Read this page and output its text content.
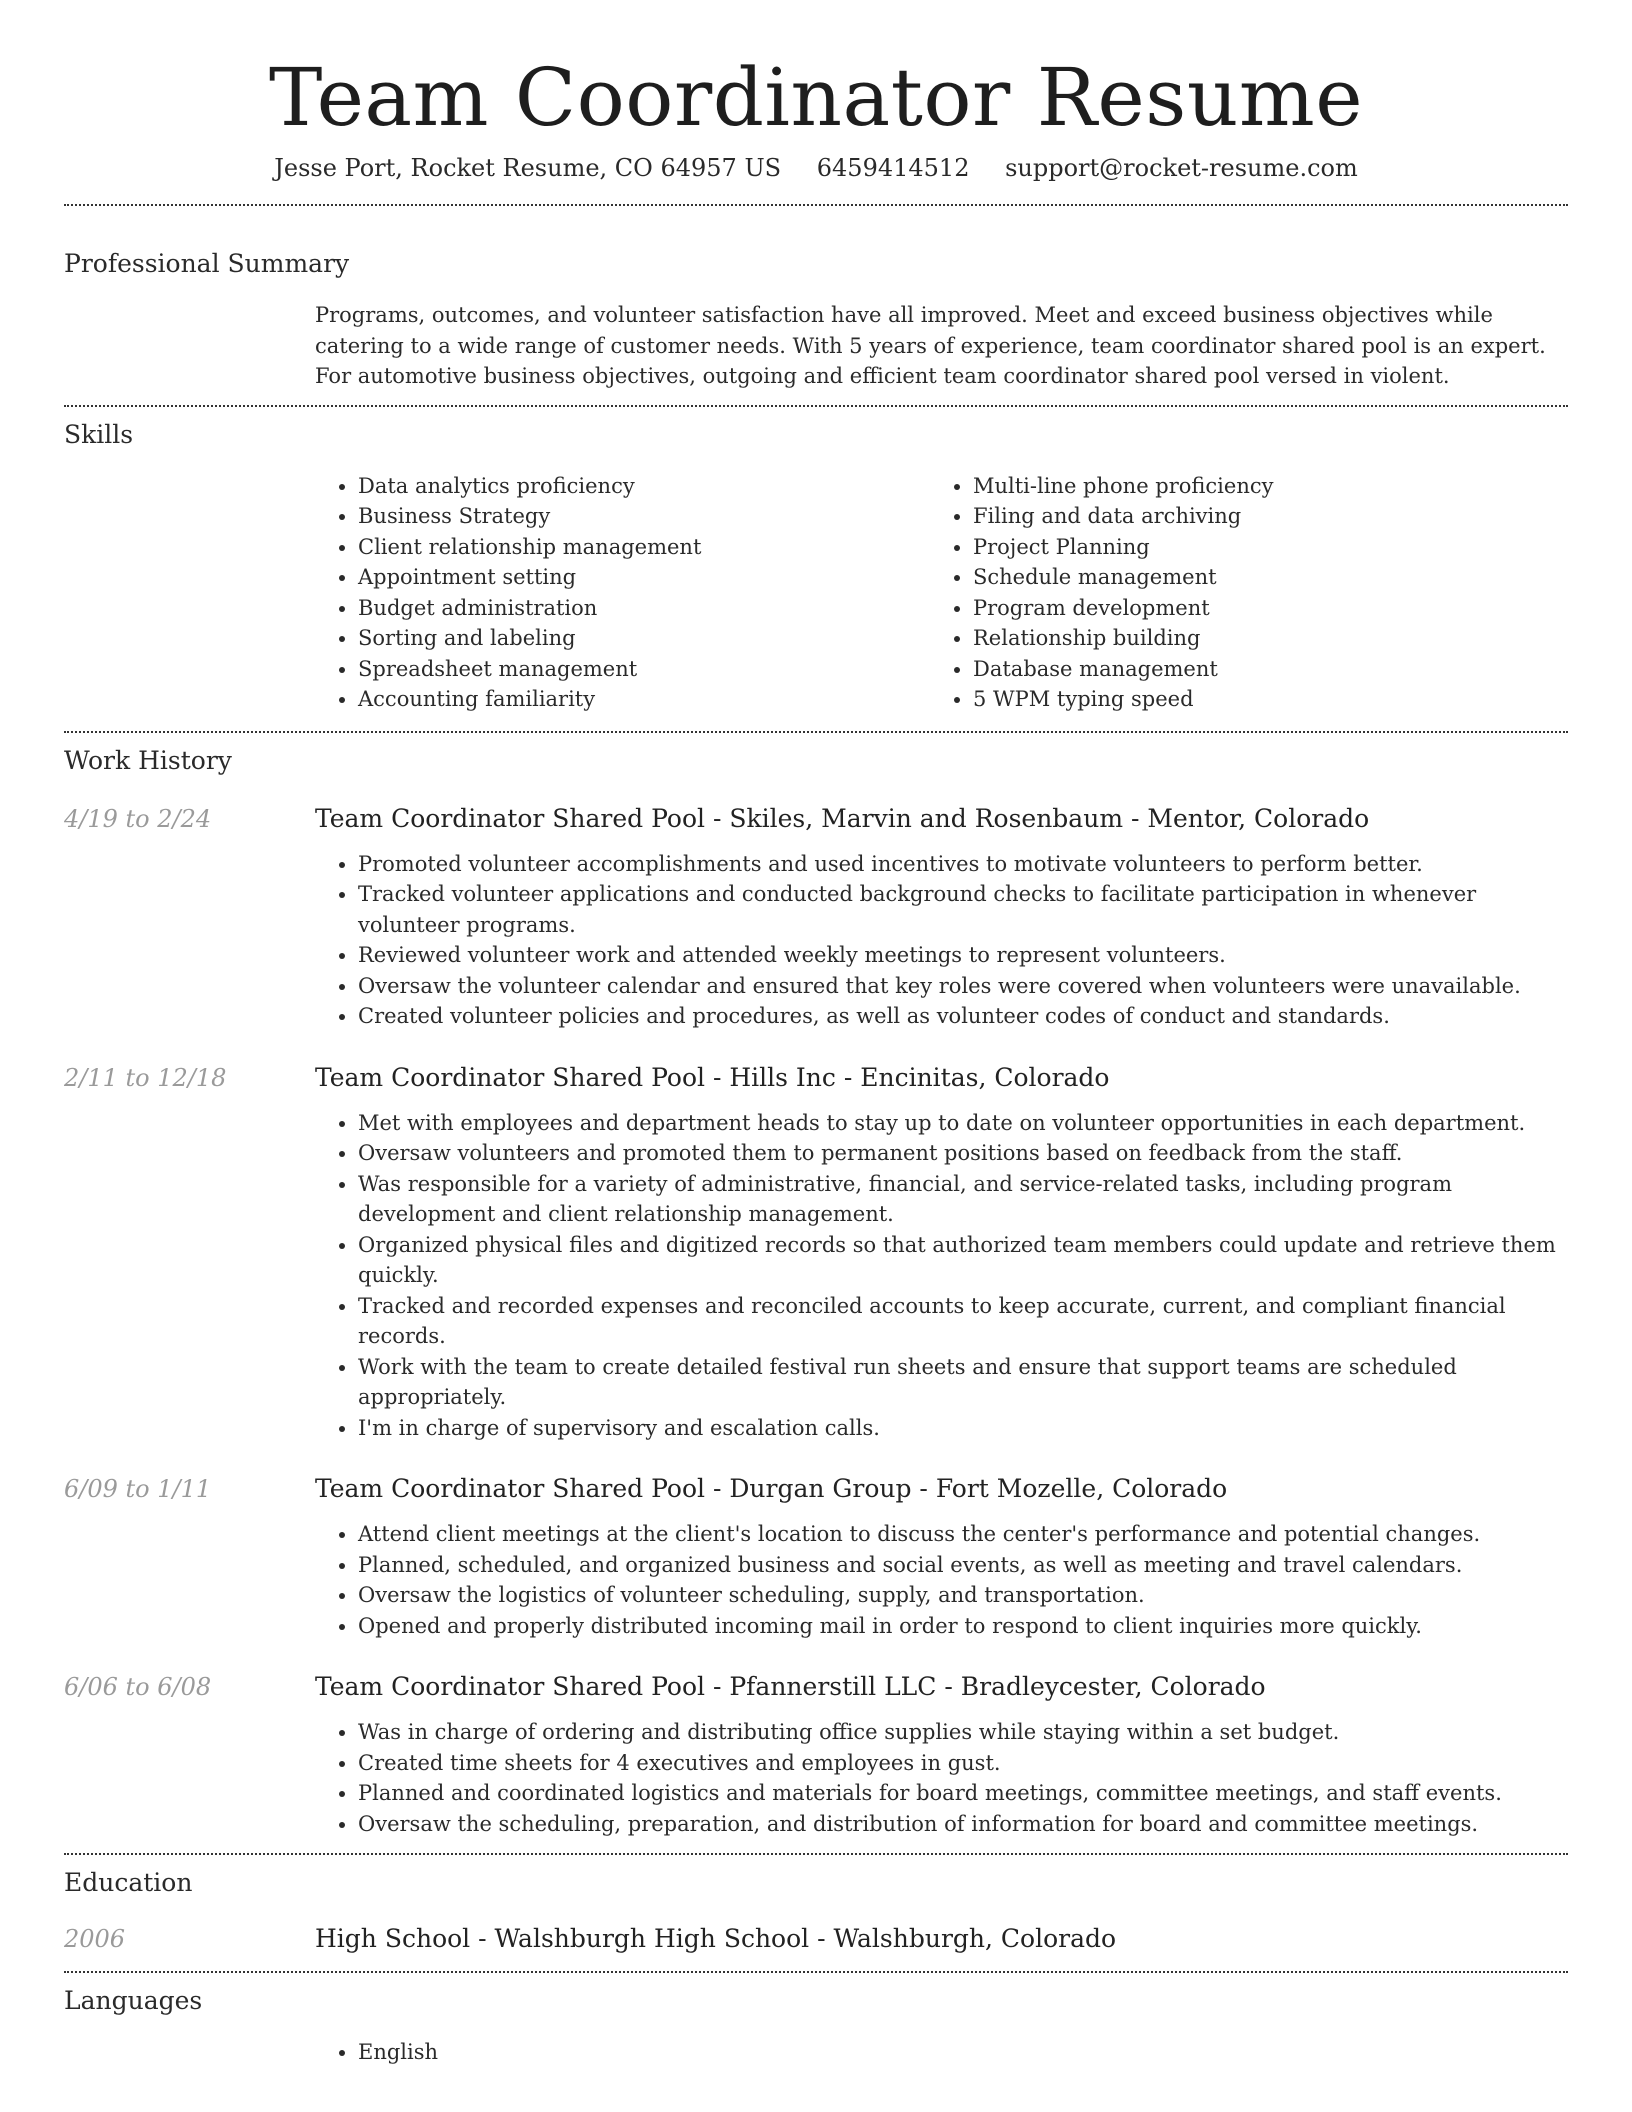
Team Coordinator Resume
Jesse Port, Rocket Resume, CO 64957 US 6459414512 support@rocket-resume.com
Professional Summary

Programs, outcomes, and volunteer satisfaction have all improved. Meet and exceed business objectives while catering to a wide range of customer needs. With 5 years of experience, team coordinator shared pool is an expert. For automotive business objectives, outgoing and efficient team coordinator shared pool versed in violent.

Skills
• Data analytics proficiency
• Business Strategy
• Client relationship management
• Appointment setting
• Budget administration
• Sorting and labeling
• Spreadsheet management
• Accounting familiarity
• Multi-line phone proficiency
• Filing and data archiving
• Project Planning
• Schedule management
• Program development
• Relationship building
• Database management
• 5 WPM typing speed
Work History
4/19 to 2/24	Team Coordinator Shared Pool - Skiles, Marvin and Rosenbaum - Mentor, Colorado
• Promoted volunteer accomplishments and used incentives to motivate volunteers to perform better.
• Tracked volunteer applications and conducted background checks to facilitate participation in whenever volunteer programs.
• Reviewed volunteer work and attended weekly meetings to represent volunteers.
• Oversaw the volunteer calendar and ensured that key roles were covered when volunteers were unavailable.
• Created volunteer policies and procedures, as well as volunteer codes of conduct and standards.
2/11 to 12/18	Team Coordinator Shared Pool - Hills Inc - Encinitas, Colorado
• Met with employees and department heads to stay up to date on volunteer opportunities in each department.
• Oversaw volunteers and promoted them to permanent positions based on feedback from the staff.
• Was responsible for a variety of administrative, financial, and service-related tasks, including program development and client relationship management.
• Organized physical files and digitized records so that authorized team members could update and retrieve them quickly.
• Tracked and recorded expenses and reconciled accounts to keep accurate, current, and compliant financial records.
• Work with the team to create detailed festival run sheets and ensure that support teams are scheduled appropriately.
• I'm in charge of supervisory and escalation calls.
6/09 to 1/11	Team Coordinator Shared Pool - Durgan Group - Fort Mozelle, Colorado
• Attend client meetings at the client's location to discuss the center's performance and potential changes.
• Planned, scheduled, and organized business and social events, as well as meeting and travel calendars.
• Oversaw the logistics of volunteer scheduling, supply, and transportation.
• Opened and properly distributed incoming mail in order to respond to client inquiries more quickly.
6/06 to 6/08	Team Coordinator Shared Pool - Pfannerstill LLC - Bradleycester, Colorado
• Was in charge of ordering and distributing office supplies while staying within a set budget.
• Created time sheets for 4 executives and employees in gust.
• Planned and coordinated logistics and materials for board meetings, committee meetings, and staff events.
• Oversaw the scheduling, preparation, and distribution of information for board and committee meetings.
Education
2006	High School - Walshburgh High School - Walshburgh, Colorado
Languages
• English
